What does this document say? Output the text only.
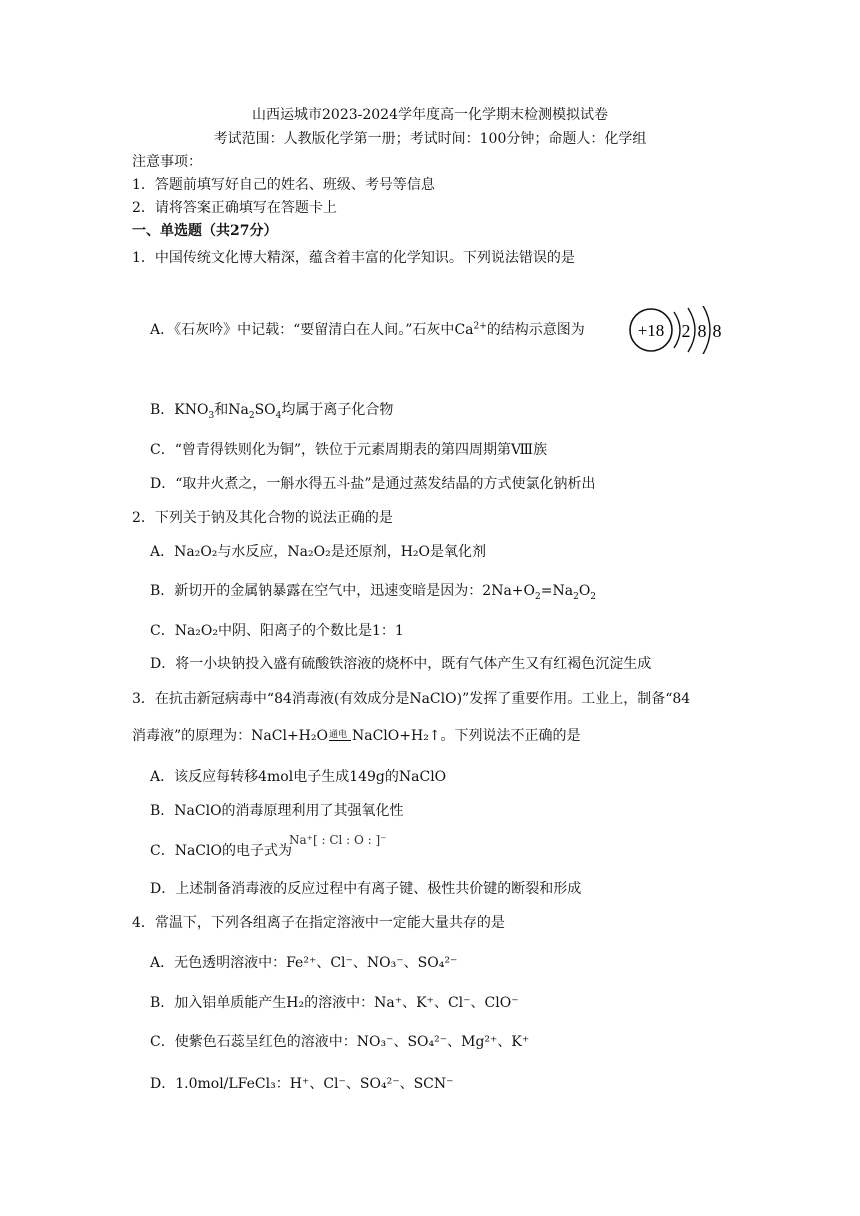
山西运城市2023-2024学年度高一化学期末检测模拟试卷
考试范围：人教版化学第一册；考试时间：100分钟；命题人：化学组
注意事项：
1．答题前填写好自己的姓名、班级、考号等信息
2．请将答案正确填写在答题卡上
一、单选题（共27分）
1．中国传统文化博大精深，蕴含着丰富的化学知识。下列说法错误的是
A．《石灰吟》中记载：“要留清白在人间。”石灰中$Ca^{2+}$的结构示意图为	+18 2 8 8
B．$KNO_3$和$Na_2SO_4$均属于离子化合物
C．“曾青得铁则化为铜”，铁位于元素周期表的第四周期第Ⅷ族
D．“取井火煮之，一斛水得五斗盐”是通过蒸发结晶的方式使氯化钠析出
2．下列关于钠及其化合物的说法正确的是
A．Na₂O₂与水反应，Na₂O₂是还原剂，H₂O是氧化剂
B．新切开的金属钠暴露在空气中，迅速变暗是因为：$2Na+O_2=Na_2O_2$
C．Na₂O₂中阴、阳离子的个数比是1：1
D．将一小块钠投入盛有硫酸铁溶液的烧杯中，既有气体产生又有红褐色沉淀生成
3．在抗击新冠病毒中“84消毒液(有效成分是NaClO)”发挥了重要作用。工业上，制备“84
消毒液”的原理为：NaCl+H₂O 通电 NaClO+H₂↑。下列说法不正确的是
A．该反应每转移4mol电子生成149g的NaClO
B．NaClO的消毒原理利用了其强氧化性
C．NaClO的电子式为
Na⁺[ : Cl : O : ]⁻
D．上述制备消毒液的反应过程中有离子键、极性共价键的断裂和形成
4．常温下，下列各组离子在指定溶液中一定能大量共存的是
A．无色透明溶液中：Fe²⁺、Cl⁻、NO₃⁻、SO₄²⁻
B．加入铝单质能产生H₂的溶液中：Na⁺、K⁺、Cl⁻、ClO⁻
C．使紫色石蕊呈红色的溶液中：NO₃⁻、SO₄²⁻、Mg²⁺、K⁺
D．1.0mol/LFeCl₃：H⁺、Cl⁻、SO₄²⁻、SCN⁻
